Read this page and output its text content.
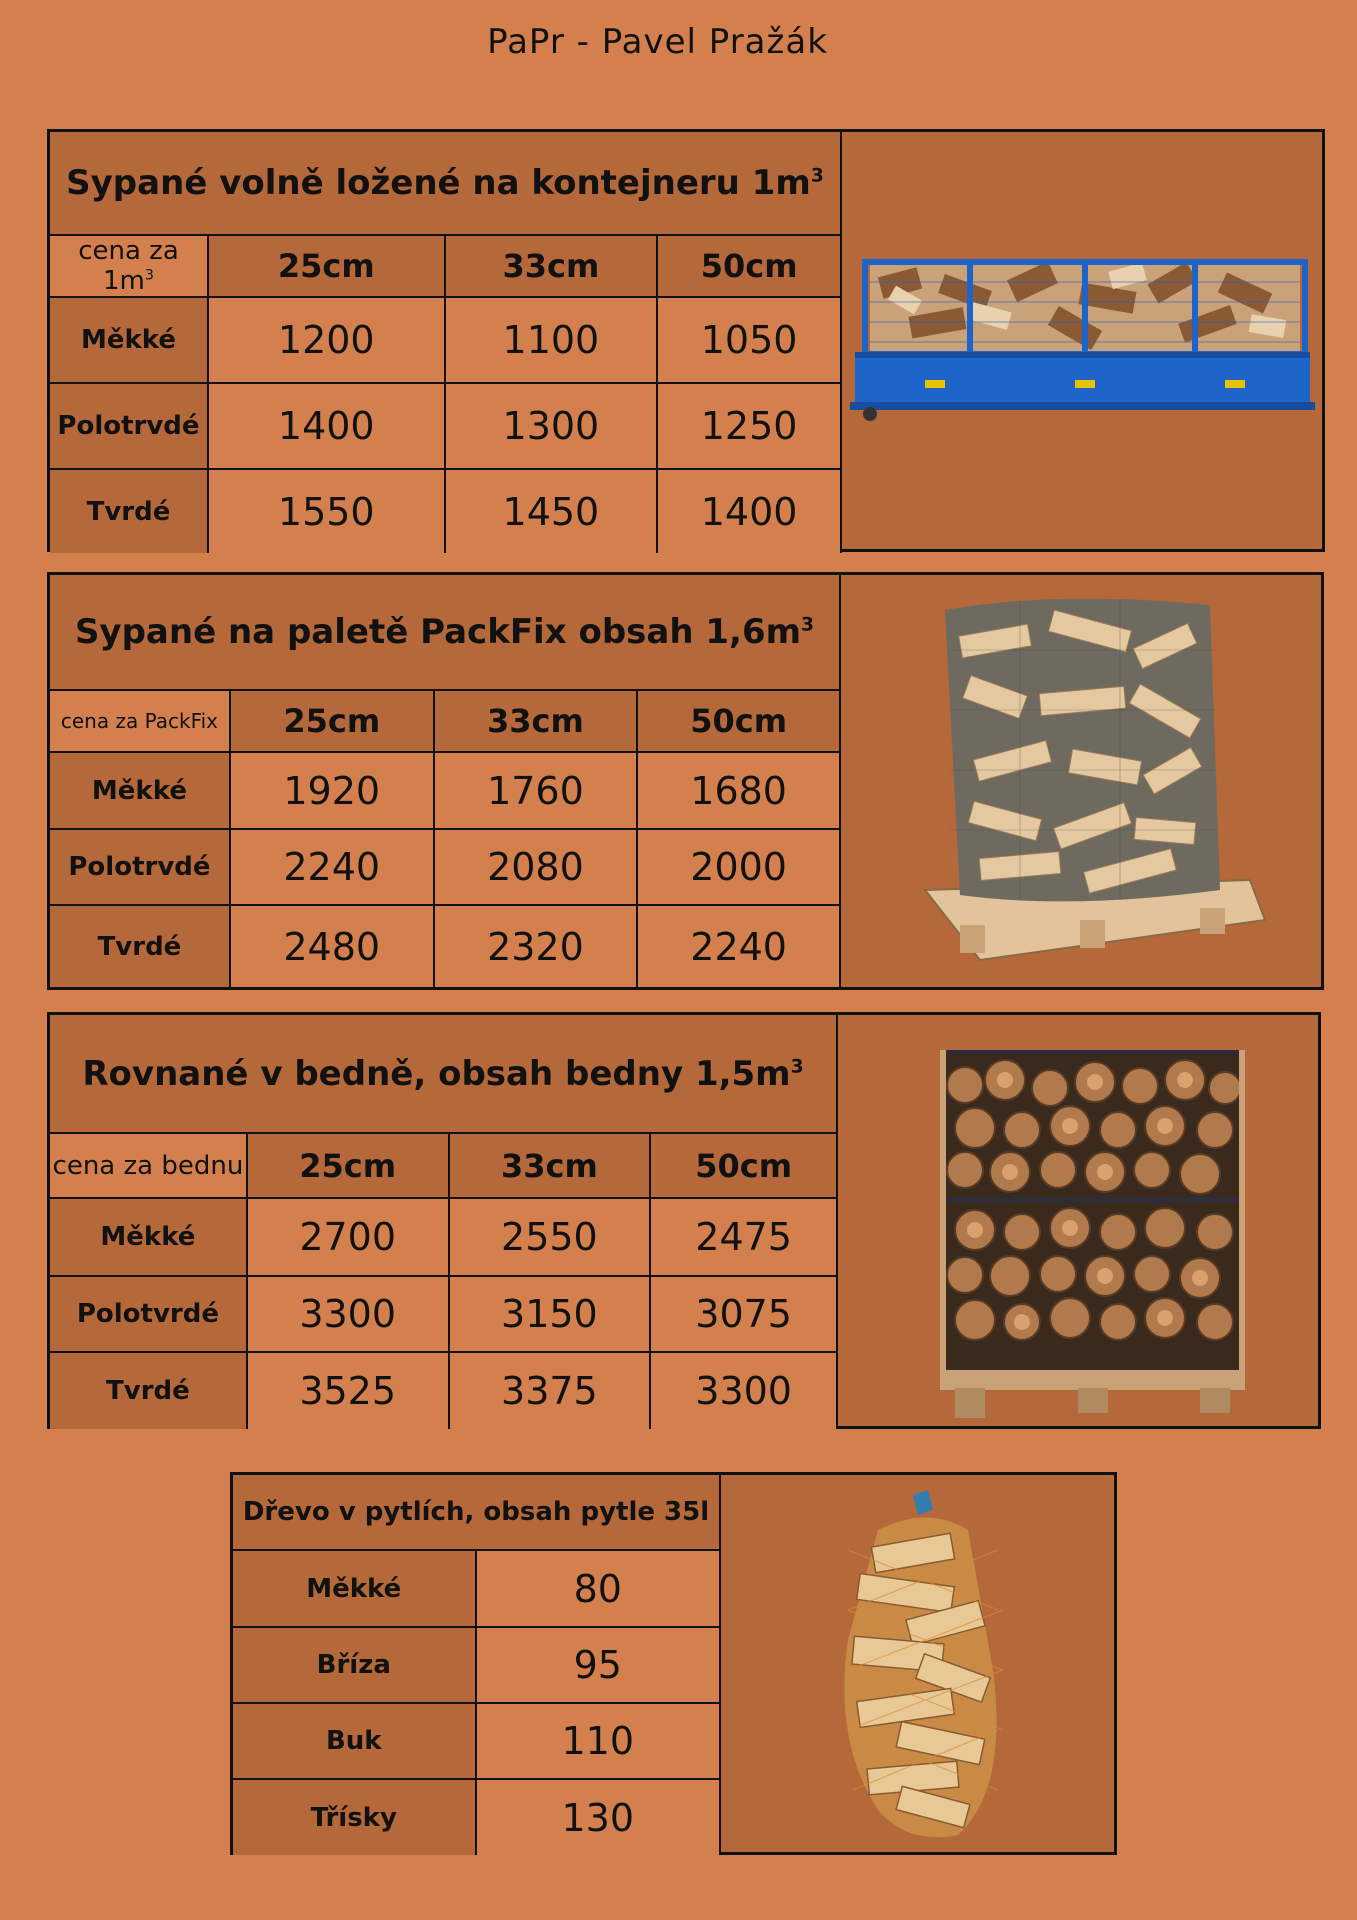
PaPr - Pavel Pražák
Sypané volně ložené na kontejneru $1m^3$
cena za $1m^3$	25cm	33cm	50cm
Měkké	1200	1100	1050
Polotrvdé	1400	1300	1250
Tvrdé	1550	1450	1400
Sypané na paletě PackFix obsah $1,6m^3$
cena za PackFix	25cm	33cm	50cm
Měkké	1920	1760	1680
Polotrvdé	2240	2080	2000
Tvrdé	2480	2320	2240
Rovnané v bedně, obsah bedny $1,5m^3$
cena za bednu	25cm	33cm	50cm
Měkké	2700	2550	2475
Polotvrdé	3300	3150	3075
Tvrdé	3525	3375	3300
Dřevo v pytlích, obsah pytle 35l	
Měkké	80
Bříza	95
Buk	110
Třísky	130
